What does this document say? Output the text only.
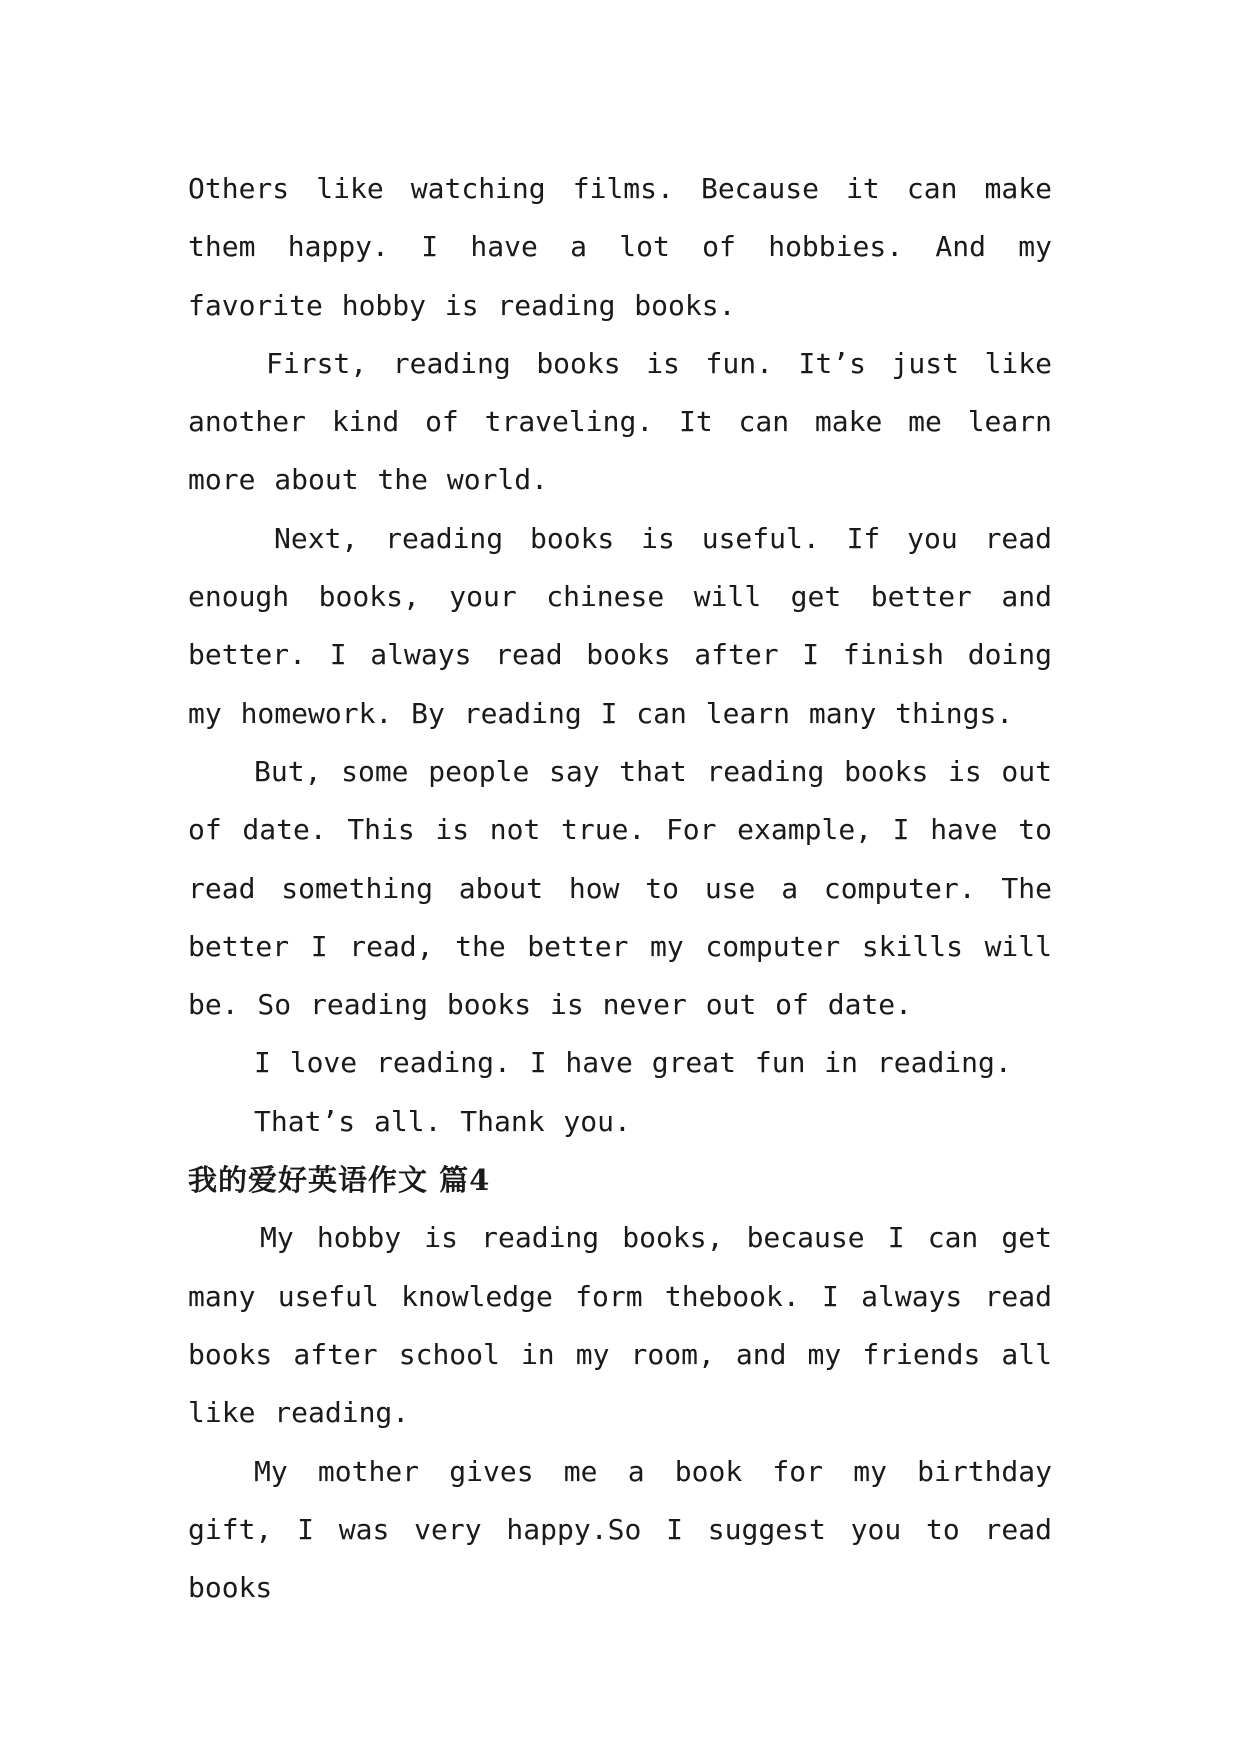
Others like watching films. Because it can make them happy. I have a lot of hobbies. And my favorite hobby is reading books.

First, reading books is fun. It’s just like another kind of traveling. It can make me learn more about the world.

Next, reading books is useful. If you read enough books, your chinese will get better and better. I always read books after I finish doing my homework. By reading I can learn many things.

But, some people say that reading books is out of date. This is not true. For example, I have to read something about how to use a computer. The better I read, the better my computer skills will be. So reading books is never out of date.

I love reading. I have great fun in reading.

That’s all. Thank you.

我的爱好英语作文 篇4

My hobby is reading books, because I can get many useful knowledge form thebook. I always read books after school in my room, and my friends all like reading.

My mother gives me a book for my birthday gift, I was very happy.So I suggest you to read books
